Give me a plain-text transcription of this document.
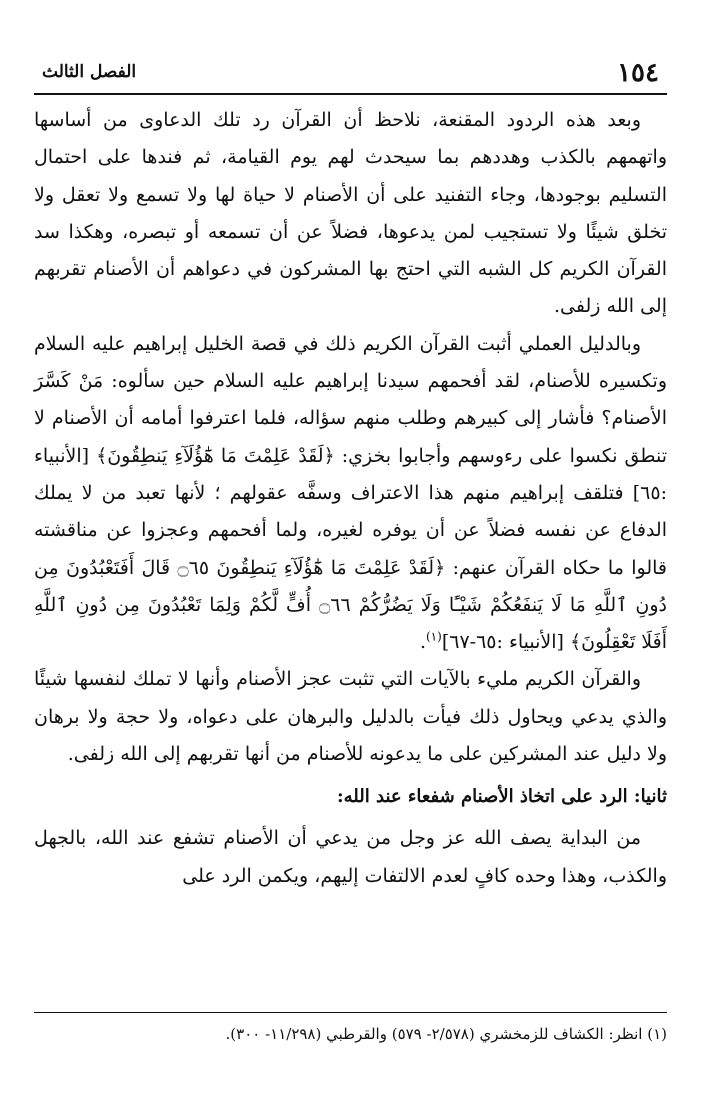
١٥٤
الفصل الثالث

وبعد هذه الردود المقنعة، نلاحظ أن القرآن رد تلك الدعاوى من أساسها واتهمهم بالكذب وهددهم بما سيحدث لهم يوم القيامة، ثم فندها على احتمال التسليم بوجودها، وجاء التفنيد على أن الأصنام لا حياة لها ولا تسمع ولا تعقل ولا تخلق شيئًا ولا تستجيب لمن يدعوها، فضلاً عن أن تسمعه أو تبصره، وهكذا سد القرآن الكريم كل الشبه التي احتج بها المشركون في دعواهم أن الأصنام تقربهم إلى الله زلفى.

وبالدليل العملي أثبت القرآن الكريم ذلك في قصة الخليل إبراهيم عليه السلام وتكسيره للأصنام، لقد أفحمهم سيدنا إبراهيم عليه السلام حين سألوه: مَنْ كَسَّرَ الأصنام؟ فأشار إلى كبيرهم وطلب منهم سؤاله، فلما اعترفوا أمامه أن الأصنام لا تنطق نكسوا على رءوسهم وأجابوا بخزي: ﴿لَقَدْ عَلِمْتَ مَا هَٰٓؤُلَآءِ يَنطِقُونَ﴾ [الأنبياء :٦٥] فتلقف إبراهيم منهم هذا الاعتراف وسفَّه عقولهم ؛ لأنها تعبد من لا يملك الدفاع عن نفسه فضلاً عن أن يوفره لغيره، ولما أفحمهم وعجزوا عن مناقشته قالوا ما حكاه القرآن عنهم: ﴿لَقَدْ عَلِمْتَ مَا هَٰٓؤُلَآءِ يَنطِقُونَ ۝٦٥ قَالَ أَفَتَعْبُدُونَ مِن دُونِ ٱللَّهِ مَا لَا يَنفَعُكُمْ شَيْـًٔا وَلَا يَضُرُّكُمْ ۝٦٦ أُفٍّ لَّكُمْ وَلِمَا تَعْبُدُونَ مِن دُونِ ٱللَّهِ أَفَلَا تَعْقِلُونَ﴾ [الأنبياء :٦٥-٦٧]$^{(١)}$.

والقرآن الكريم مليء بالآيات التي تثبت عجز الأصنام وأنها لا تملك لنفسها شيئًا والذي يدعي ويحاول ذلك فيأت بالدليل والبرهان على دعواه، ولا حجة ولا برهان ولا دليل عند المشركين على ما يدعونه للأصنام من أنها تقربهم إلى الله زلفى.

ثانيا: الرد على اتخاذ الأصنام شفعاء عند الله:

من البداية يصف الله عز وجل من يدعي أن الأصنام تشفع عند الله، بالجهل والكذب، وهذا وحده كافٍ لعدم الالتفات إليهم، ويكمن الرد على

(١) انظر: الكشاف للزمخشري (٢/٥٧٨- ٥٧٩) والقرطبي (١١/٢٩٨- ٣٠٠).
